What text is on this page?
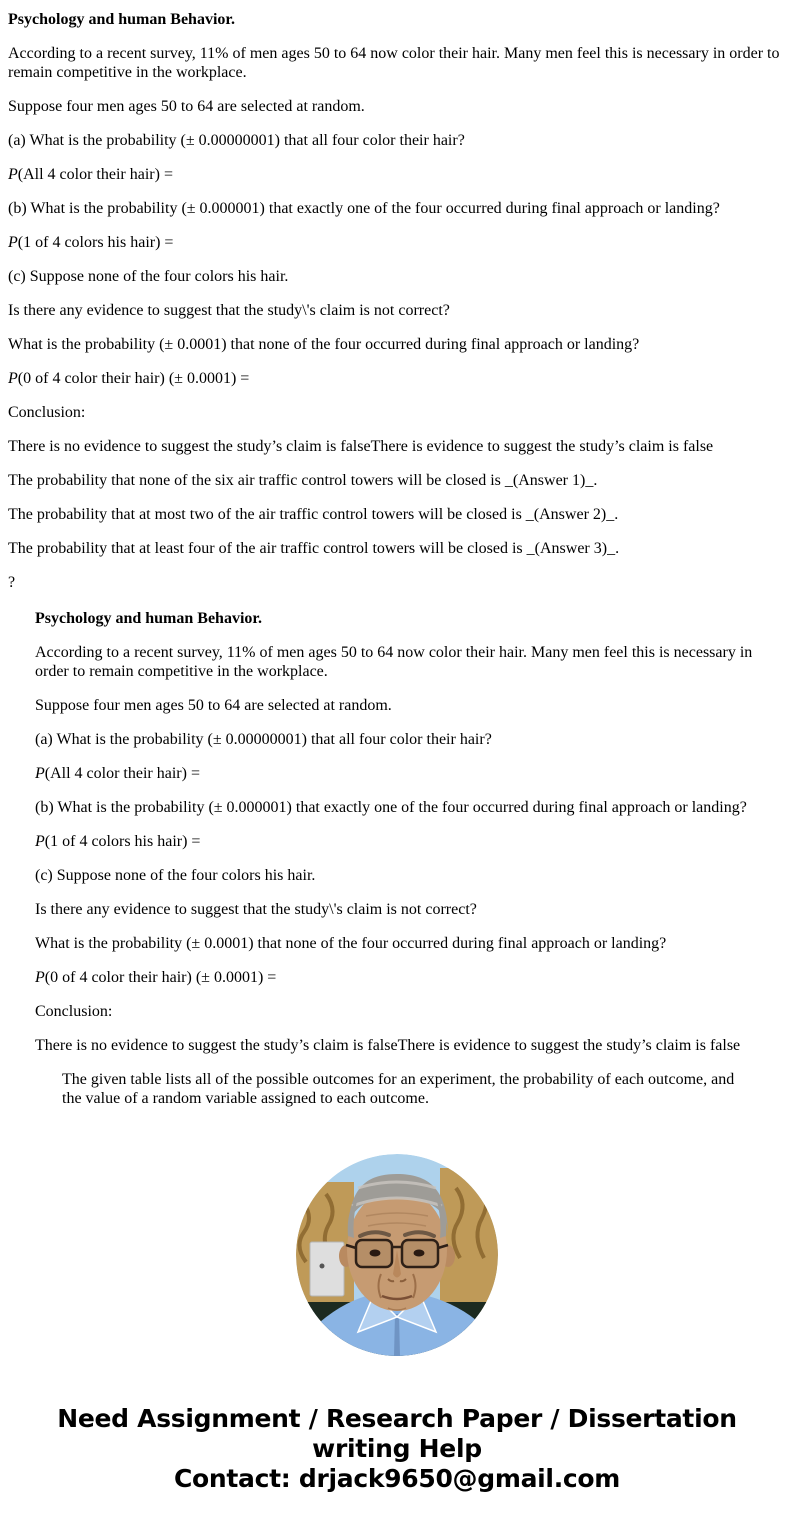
Psychology and human Behavior.

According to a recent survey, 11% of men ages 50 to 64 now color their hair. Many men feel this is necessary in order to remain competitive in the workplace.

Suppose four men ages 50 to 64 are selected at random.

(a) What is the probability (± 0.00000001) that all four color their hair?

P(All 4 color their hair) =

(b) What is the probability (± 0.000001) that exactly one of the four occurred during final approach or landing?

P(1 of 4 colors his hair) =

(c) Suppose none of the four colors his hair.

Is there any evidence to suggest that the study\'s claim is not correct?

What is the probability (± 0.0001) that none of the four occurred during final approach or landing?

P(0 of 4 color their hair) (± 0.0001) =

Conclusion:

There is no evidence to suggest the study’s claim is falseThere is evidence to suggest the study’s claim is false

The probability that none of the six air traffic control towers will be closed is _(Answer 1)_.

The probability that at most two of the air traffic control towers will be closed is _(Answer 2)_.

The probability that at least four of the air traffic control towers will be closed is _(Answer 3)_.

?

Psychology and human Behavior.

According to a recent survey, 11% of men ages 50 to 64 now color their hair. Many men feel this is necessary in order to remain competitive in the workplace.

Suppose four men ages 50 to 64 are selected at random.

(a) What is the probability (± 0.00000001) that all four color their hair?

P(All 4 color their hair) =

(b) What is the probability (± 0.000001) that exactly one of the four occurred during final approach or landing?

P(1 of 4 colors his hair) =

(c) Suppose none of the four colors his hair.

Is there any evidence to suggest that the study\'s claim is not correct?

What is the probability (± 0.0001) that none of the four occurred during final approach or landing?

P(0 of 4 color their hair) (± 0.0001) =

Conclusion:

There is no evidence to suggest the study’s claim is falseThere is evidence to suggest the study’s claim is false

The given table lists all of the possible outcomes for an experiment, the probability of each outcome, and the value of a random variable assigned to each outcome.

Need Assignment / Research Paper / Dissertation
writing Help
Contact: drjack9650@gmail.com
